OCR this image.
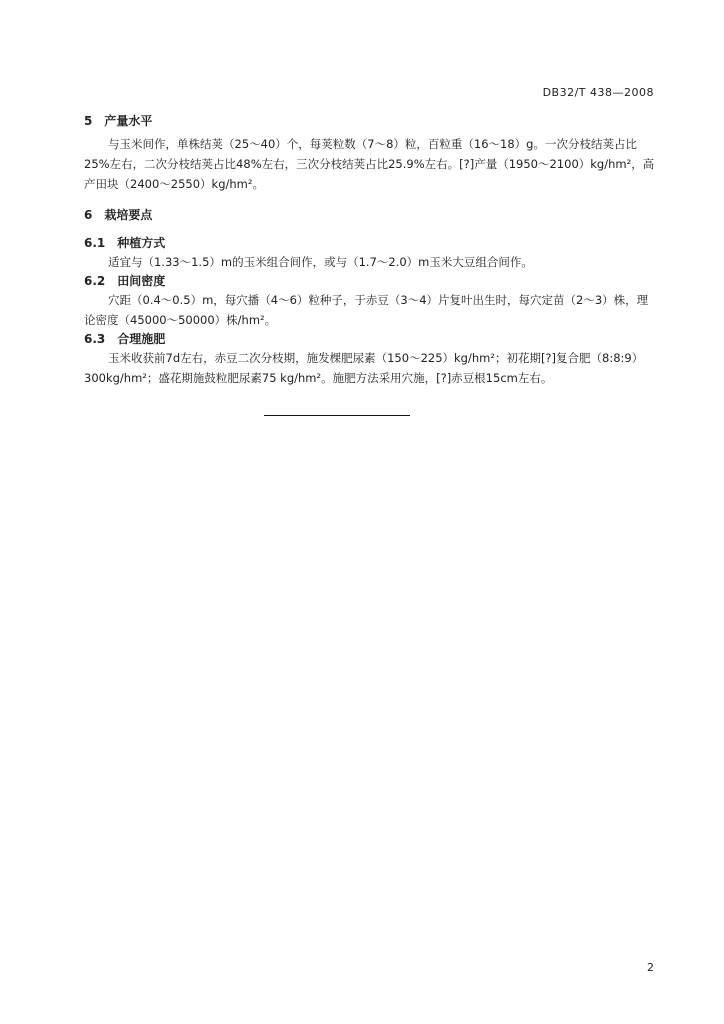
DB32/T 438—2008
5　产量水平
与玉米间作，单株结荚（25～40）个，每荚粒数（7～8）粒，百粒重（16～18）g。一次分枝结荚占比25%左右，二次分枝结荚占比48%左右，三次分枝结荚占比25.9%左右。[?]产量（1950～2100）kg/hm²，高产田块（2400～2550）kg/hm²。
6　栽培要点
6.1　种植方式
适宜与（1.33～1.5）m的玉米组合间作，或与（1.7～2.0）m玉米大豆组合间作。
6.2　田间密度
穴距（0.4～0.5）m，每穴播（4～6）粒种子，于赤豆（3～4）片复叶出生时，每穴定苗（2～3）株，理论密度（45000～50000）株/hm²。
6.3　合理施肥
玉米收获前7d左右，赤豆二次分枝期，施发棵肥尿素（150～225）kg/hm²；初花期[?]复合肥（8:8:9）300kg/hm²；盛花期施鼓粒肥尿素75 kg/hm²。施肥方法采用穴施，[?]赤豆根15cm左右。
2
